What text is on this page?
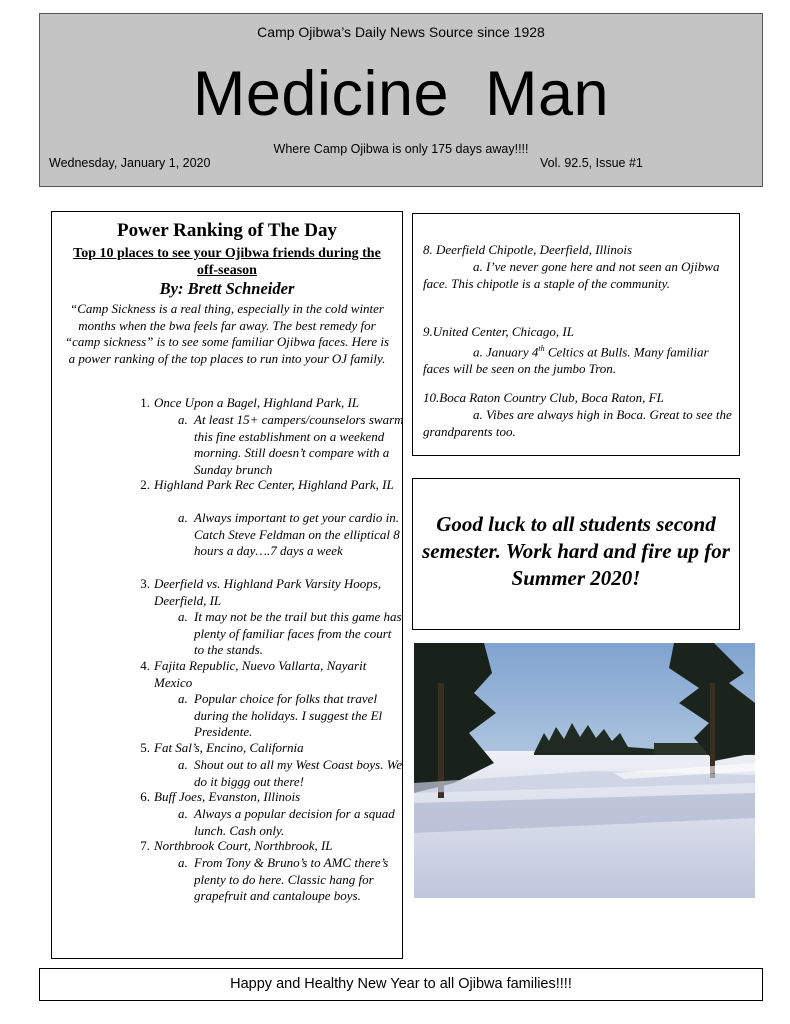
Camp Ojibwa’s Daily News Source since 1928
Medicine  Man
Where Camp Ojibwa is only 175 days away!!!!
Wednesday, January 1, 2020	Vol. 92.5, Issue #1
Power Ranking of The Day
Top 10 places to see your Ojibwa friends during the off-season
By: Brett Schneider
“Camp Sickness is a real thing, especially in the cold winter months when the bwa feels far away. The best remedy for “camp sickness” is to see some familiar Ojibwa faces. Here is a power ranking of the top places to run into your OJ family.
1. Once Upon a Bagel, Highland Park, IL
a. At least 15+ campers/counselors swarm this fine establishment on a weekend morning. Still doesn’t compare with a Sunday brunch
2. Highland Park Rec Center, Highland Park, IL
a. Always important to get your cardio in. Catch Steve Feldman on the elliptical 8 hours a day….7 days a week
3. Deerfield vs. Highland Park Varsity Hoops, Deerfield, IL
a. It may not be the trail but this game has plenty of familiar faces from the court to the stands.
4. Fajita Republic, Nuevo Vallarta, Nayarit Mexico
a. Popular choice for folks that travel during the holidays. I suggest the El Presidente.
5. Fat Sal’s, Encino, California
a. Shout out to all my West Coast boys. We do it biggg out there!
6. Buff Joes, Evanston, Illinois
a. Always a popular decision for a squad lunch. Cash only.
7. Northbrook Court, Northbrook, IL
a. From Tony & Bruno’s to AMC there’s plenty to do here. Classic hang for grapefruit and cantaloupe boys.
8. Deerfield Chipotle, Deerfield, Illinois
a. I’ve never gone here and not seen an Ojibwa face. This chipotle is a staple of the community.
9.United Center, Chicago, IL
a. January 4th Celtics at Bulls. Many familiar faces will be seen on the jumbo Tron.
10.Boca Raton Country Club, Boca Raton, FL
a. Vibes are always high in Boca. Great to see the grandparents too.
Good luck to all students second semester. Work hard and fire up for Summer 2020!
Happy and Healthy New Year to all Ojibwa families!!!!
